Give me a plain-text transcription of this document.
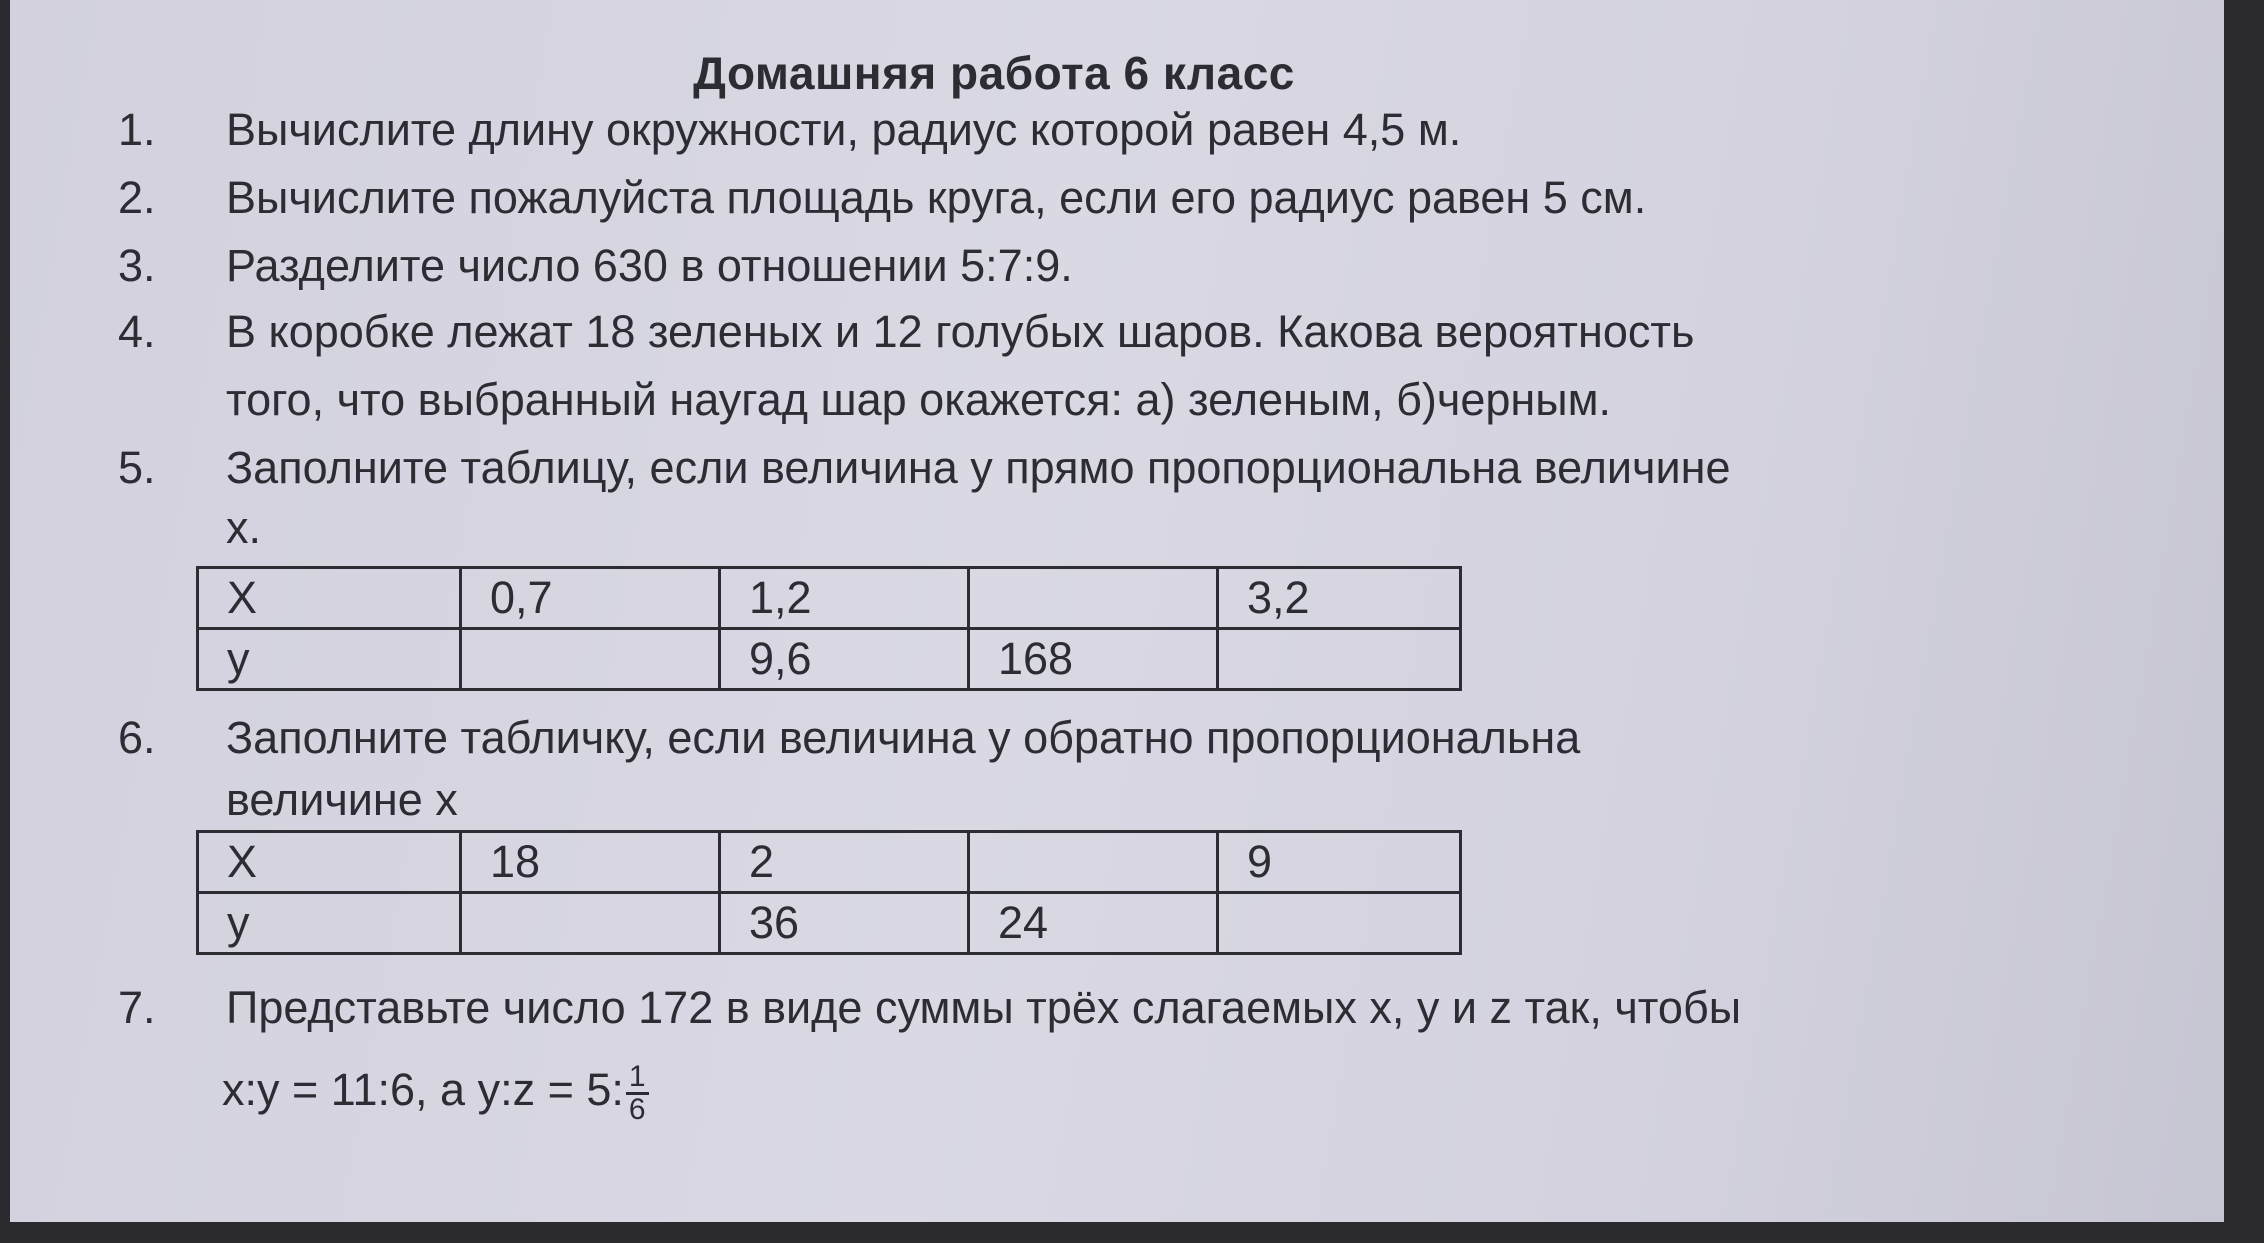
Домашняя работа 6 класс
1.	Вычислите длину окружности, радиус которой равен 4,5 м.
2.	Вычислите пожалуйста площадь круга, если его радиус равен 5 см.
3.	Разделите число 630 в отношении 5:7:9.
4.	В коробке лежат 18 зеленых и 12 голубых шаров. Какова вероятность
того, что выбранный наугад шар окажется: а) зеленым, б)черным.
5.	Заполните таблицу, если величина у прямо пропорциональна величине
х.
Х	0,7	1,2		3,2
у		9,6	168	
6.	Заполните табличку, если величина у обратно пропорциональна
величине х
Х	18	2		9
у		36	24	
7.	Представьте число 172 в виде суммы трёх слагаемых х, у и z так, чтобы
х:у = 11:6, а у:z = 5: $\frac{1}{6}$
